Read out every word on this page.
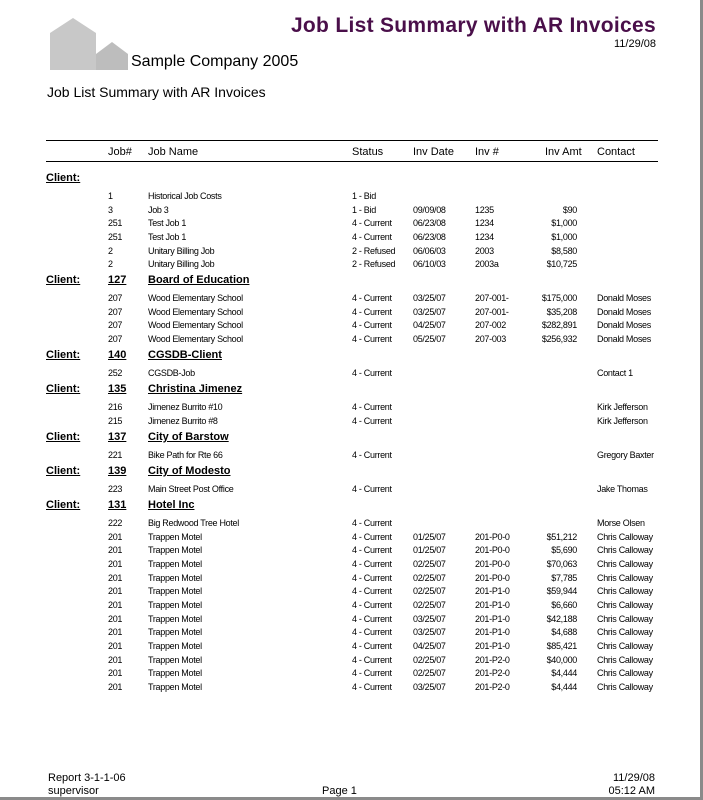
Sample Company 2005
Job List Summary with AR Invoices
11/29/08
Job List Summary with AR Invoices
Job# Job Name	Status	Inv Date Inv #	Inv Amt Contact
Client:
1	Historical Job Costs	1 - Bid
3	Job 3	1 - Bid	09/09/08	1235	$90
251	Test Job 1	4 - Current 06/23/08	1234	$1,000
251	Test Job 1	4 - Current 06/23/08	1234	$1,000
2	Unitary Billing Job	2 - Refused 06/06/03	2003	$8,580
2	Unitary Billing Job	2 - Refused 06/10/03	2003a	$10,725
Client:	127 Board of Education
207	Wood Elementary School	4 - Current 03/25/07	207-001-	$175,000 Donald Moses
207	Wood Elementary School	4 - Current 03/25/07	207-001-	$35,208 Donald Moses
207	Wood Elementary School	4 - Current 04/25/07	207-002	$282,891 Donald Moses
207	Wood Elementary School	4 - Current 05/25/07	207-003	$256,932 Donald Moses
Client:	140 CGSDB-Client
252	CGSDB-Job	4 - Current	Contact 1
Client:	135 Christina Jimenez
216	Jimenez Burrito #10	4 - Current	Kirk Jefferson
215	Jimenez Burrito #8	4 - Current	Kirk Jefferson
Client:	137 City of Barstow
221	Bike Path for Rte 66	4 - Current	Gregory Baxter
Client:	139 City of Modesto
223	Main Street Post Office	4 - Current	Jake Thomas
Client:	131 Hotel Inc
222	Big Redwood Tree Hotel	4 - Current	Morse Olsen
201	Trappen Motel	4 - Current 01/25/07	201-P0-0	$51,212 Chris Calloway
201	Trappen Motel	4 - Current 01/25/07	201-P0-0	$5,690 Chris Calloway
201	Trappen Motel	4 - Current 02/25/07	201-P0-0	$70,063 Chris Calloway
201	Trappen Motel	4 - Current 02/25/07	201-P0-0	$7,785 Chris Calloway
201	Trappen Motel	4 - Current 02/25/07	201-P1-0	$59,944 Chris Calloway
201	Trappen Motel	4 - Current 02/25/07	201-P1-0	$6,660 Chris Calloway
201	Trappen Motel	4 - Current 03/25/07	201-P1-0	$42,188 Chris Calloway
201	Trappen Motel	4 - Current 03/25/07	201-P1-0	$4,688 Chris Calloway
201	Trappen Motel	4 - Current 04/25/07	201-P1-0	$85,421 Chris Calloway
201	Trappen Motel	4 - Current 02/25/07	201-P2-0	$40,000 Chris Calloway
201	Trappen Motel	4 - Current 02/25/07	201-P2-0	$4,444 Chris Calloway
201	Trappen Motel	4 - Current 03/25/07	201-P2-0	$4,444 Chris Calloway
Report 3-1-1-06
supervisor	Page 1
11/29/08
05:12 AM
